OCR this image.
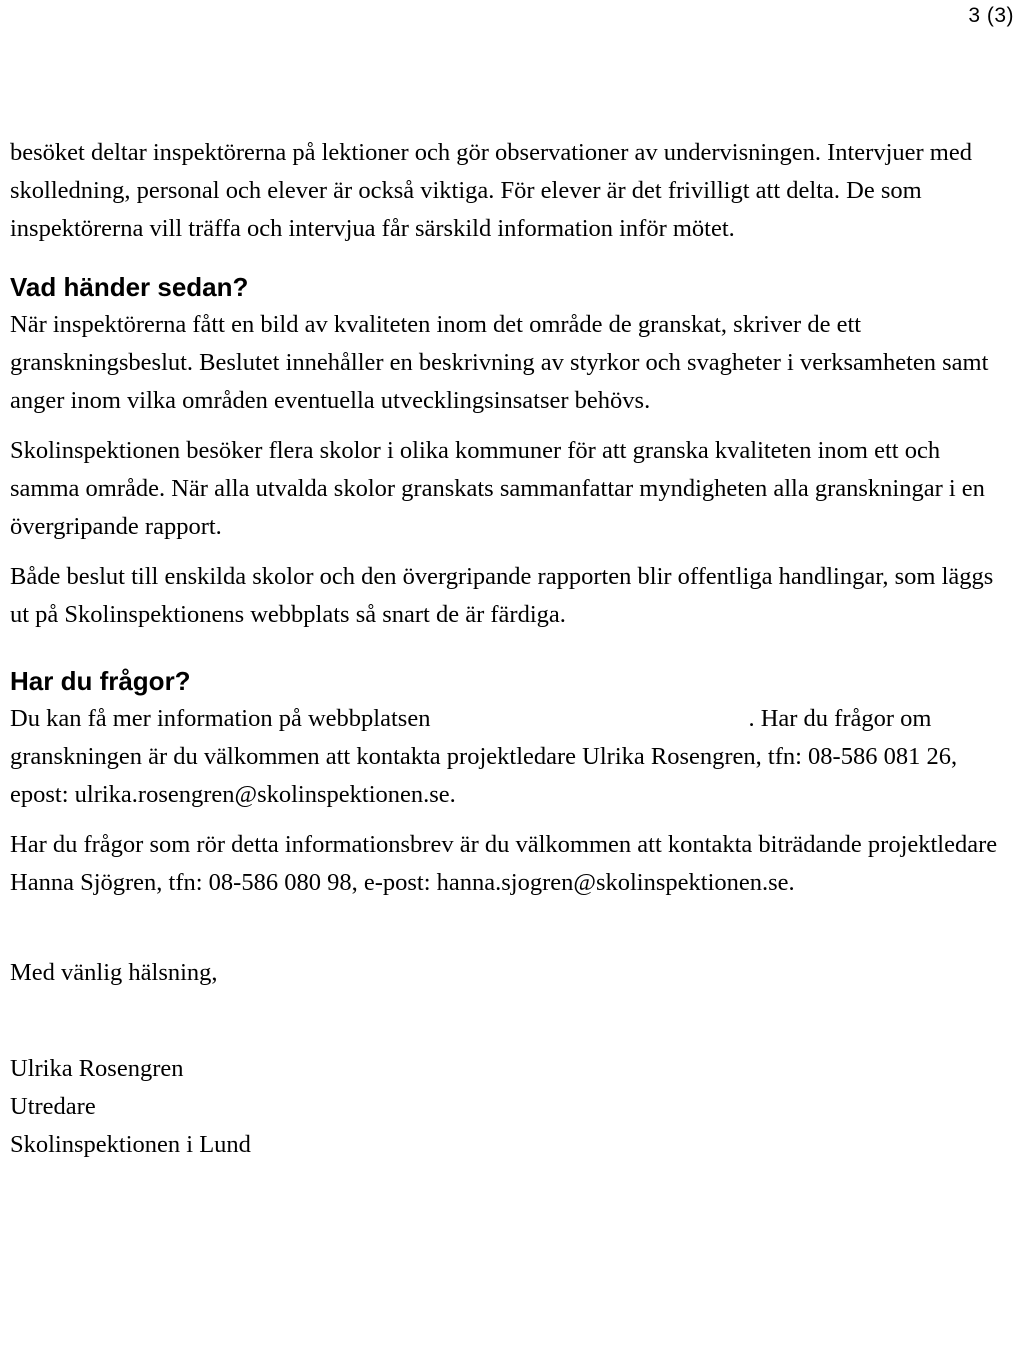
3 (3)

besöket deltar inspektörerna på lektioner och gör observationer av undervisningen. Intervjuer med skolledning, personal och elever är också viktiga. För elever är det frivilligt att delta. De som inspektörerna vill träffa och intervjua får särskild information inför mötet.

Vad händer sedan?

När inspektörerna fått en bild av kvaliteten inom det område de granskat, skriver de ett granskningsbeslut. Beslutet innehåller en beskrivning av styrkor och svagheter i verksamheten samt anger inom vilka områden eventuella utvecklingsinsatser behövs.

Skolinspektionen besöker flera skolor i olika kommuner för att granska kvaliteten inom ett och samma område. När alla utvalda skolor granskats sammanfattar myndigheten alla granskningar i en övergripande rapport.

Både beslut till enskilda skolor och den övergripande rapporten blir offentliga handlingar, som läggs ut på Skolinspektionens webbplats så snart de är färdiga.

Har du frågor?

Du kan få mer information på webbplatsen	. Har du frågor om granskningen är du välkommen att kontakta projektledare Ulrika Rosengren, tfn: 08-586 081 26, epost: ulrika.rosengren@skolinspektionen.se.

Har du frågor som rör detta informationsbrev är du välkommen att kontakta biträdande projektledare Hanna Sjögren, tfn: 08-586 080 98, e-post: hanna.sjogren@skolinspektionen.se.

Med vänlig hälsning,

Ulrika Rosengren
Utredare
Skolinspektionen i Lund
